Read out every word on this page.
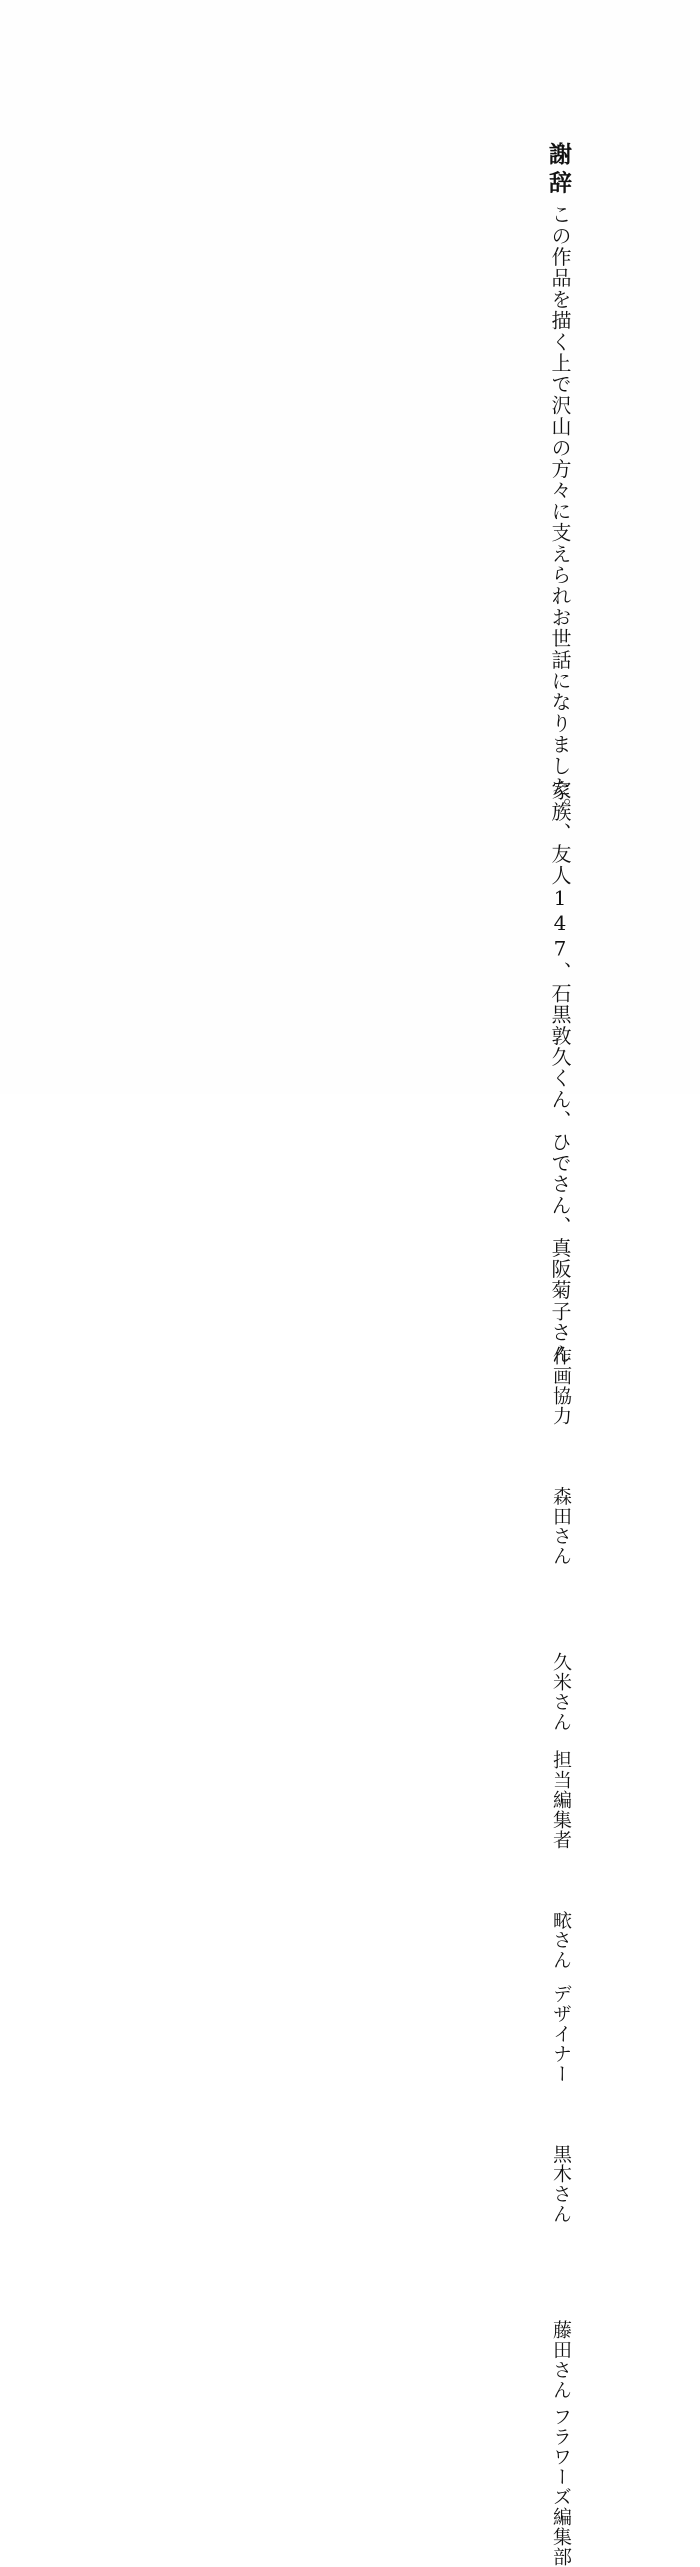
謝辞
この作品を描く上で沢山の方々に支えられお世話になりました。
家族、友人147、石黒敦久くん、ひでさん、真阪菊子さん
作画協力  森田さん
久米さん
担当編集者  畩さん
デザイナー  黒木さん
藤田さん
フラワーズ編集部
